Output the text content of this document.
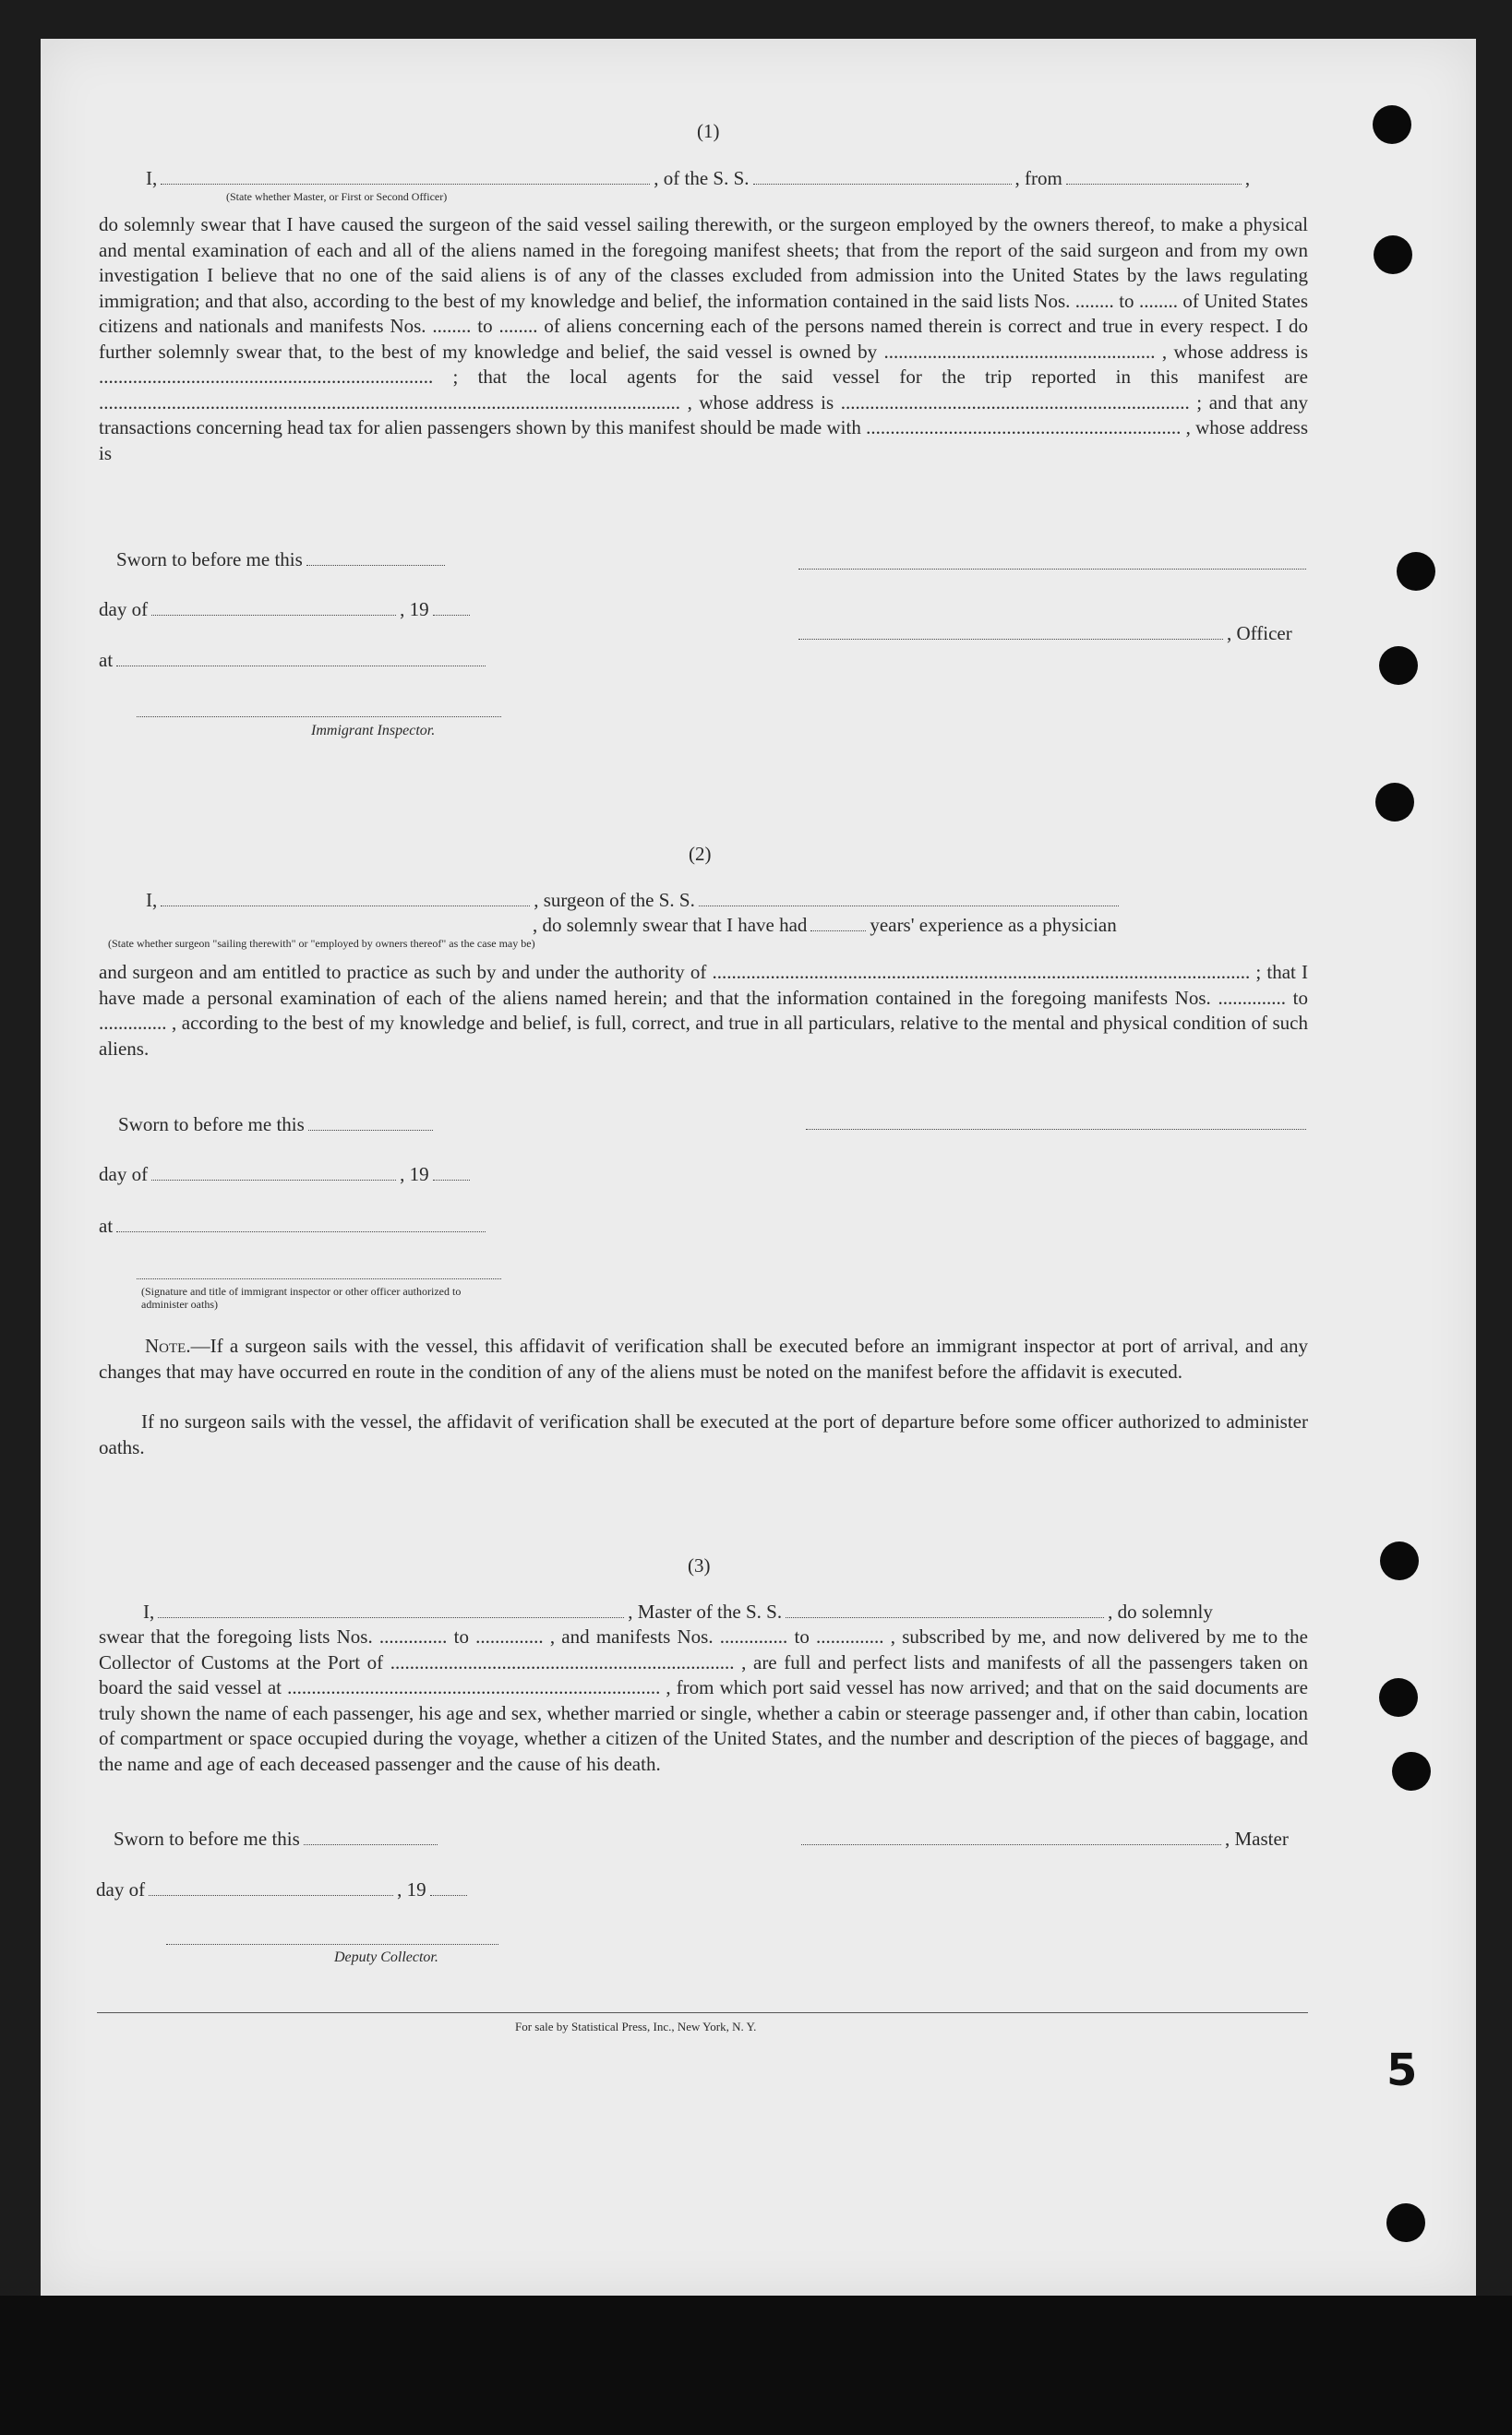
5
(1)
I,	, of the S. S.	, from	,
(State whether Master, or First or Second Officer)
do solemnly swear that I have caused the surgeon of the said vessel sailing therewith, or the surgeon employed by the owners thereof, to make a physical and mental examination of each and all of the aliens named in the foregoing manifest sheets; that from the report of the said surgeon and from my own investigation I believe that no one of the said aliens is of any of the classes excluded from admission into the United States by the laws regulating immigration; and that also, according to the best of my knowledge and belief, the information contained in the said lists Nos. ........ to ........ of United States citizens and nationals and manifests Nos. ........ to ........ of aliens concerning each of the persons named therein is correct and true in every respect. I do further solemnly swear that, to the best of my knowledge and belief, the said vessel is owned by ........................................................ , whose address is ..................................................................... ; that the local agents for the said vessel for the trip reported in this manifest are ........................................................................................................................ , whose address is ........................................................................ ; and that any transactions concerning head tax for alien passengers shown by this manifest should be made with ................................................................. , whose address is
Sworn to before me this
day of	, 19
, Officer
at
Immigrant Inspector.
(2)
I,	, surgeon of the S. S.
, do solemnly swear that I have had	years' experience as a physician
(State whether surgeon "sailing therewith" or "employed by owners thereof" as the case may be)
and surgeon and am entitled to practice as such by and under the authority of ............................................................................................................... ; that I have made a personal examination of each of the aliens named herein; and that the information contained in the foregoing manifests Nos. .............. to .............. , according to the best of my knowledge and belief, is full, correct, and true in all particulars, relative to the mental and physical condition of such aliens.
Sworn to before me this
day of	, 19
at
(Signature and title of immigrant inspector or other officer authorized to administer oaths)
Note.—If a surgeon sails with the vessel, this affidavit of verification shall be executed before an immigrant inspector at port of arrival, and any changes that may have occurred en route in the condition of any of the aliens must be noted on the manifest before the affidavit is executed.
If no surgeon sails with the vessel, the affidavit of verification shall be executed at the port of departure before some officer authorized to administer oaths.
(3)
I,	, Master of the S. S.	, do solemnly
swear that the foregoing lists Nos. .............. to .............. , and manifests Nos. .............. to .............. , subscribed by me, and now delivered by me to the Collector of Customs at the Port of ....................................................................... , are full and perfect lists and manifests of all the passengers taken on board the said vessel at ............................................................................. , from which port said vessel has now arrived; and that on the said documents are truly shown the name of each passenger, his age and sex, whether married or single, whether a cabin or steerage passenger and, if other than cabin, location of compartment or space occupied during the voyage, whether a citizen of the United States, and the number and description of the pieces of baggage, and the name and age of each deceased passenger and the cause of his death.
Sworn to before me this	, Master
day of	, 19
Deputy Collector.
For sale by Statistical Press, Inc., New York, N. Y.
